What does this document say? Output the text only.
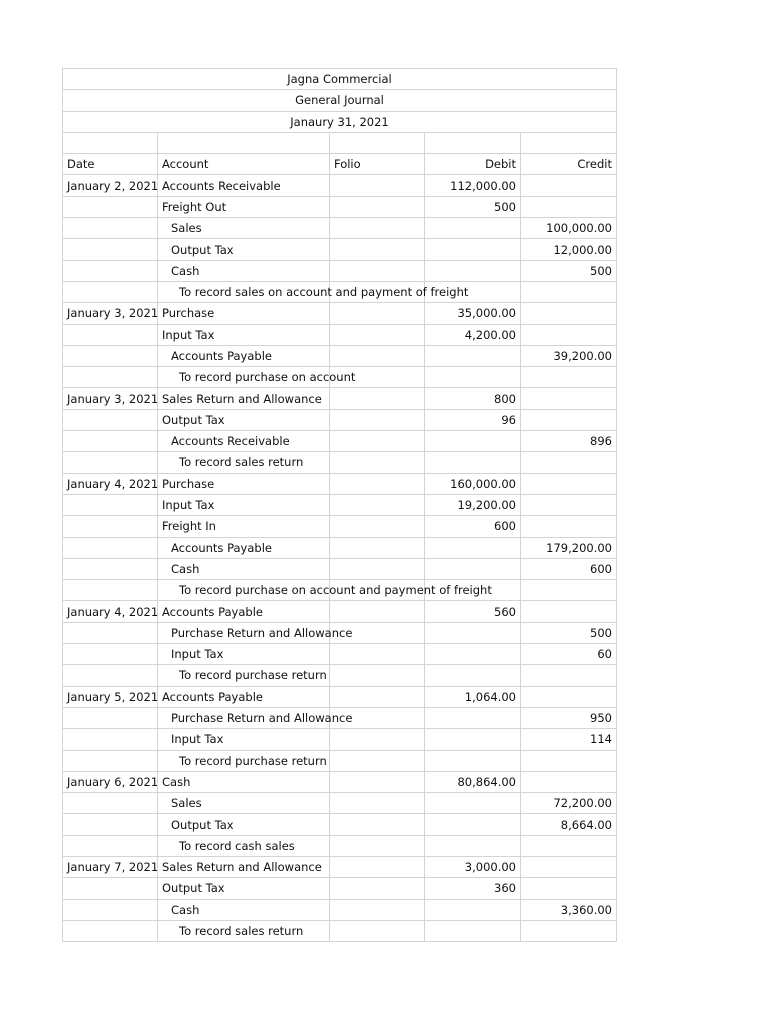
Jagna Commercial				
General Journal				
Janaury 31, 2021				

Date	Account	Folio	Debit	Credit
January 2, 2021	Accounts Receivable		112,000.00	
	Freight Out		500	
	Sales			100,000.00
	Output Tax			12,000.00
	Cash			500
	To record sales on account and payment of freight			
January 3, 2021	Purchase		35,000.00	
	Input Tax		4,200.00	
	Accounts Payable			39,200.00
	To record purchase on account			
January 3, 2021	Sales Return and Allowance		800	
	Output Tax		96	
	Accounts Receivable			896
	To record sales return			
January 4, 2021	Purchase		160,000.00	
	Input Tax		19,200.00	
	Freight In		600	
	Accounts Payable			179,200.00
	Cash			600
	To record purchase on account and payment of freight			
January 4, 2021	Accounts Payable		560	
	Purchase Return and Allowance			500
	Input Tax			60
	To record purchase return			
January 5, 2021	Accounts Payable		1,064.00	
	Purchase Return and Allowance			950
	Input Tax			114
	To record purchase return			
January 6, 2021	Cash		80,864.00	
	Sales			72,200.00
	Output Tax			8,664.00
	To record cash sales			
January 7, 2021	Sales Return and Allowance		3,000.00	
	Output Tax		360	
	Cash			3,360.00
	To record sales return			
